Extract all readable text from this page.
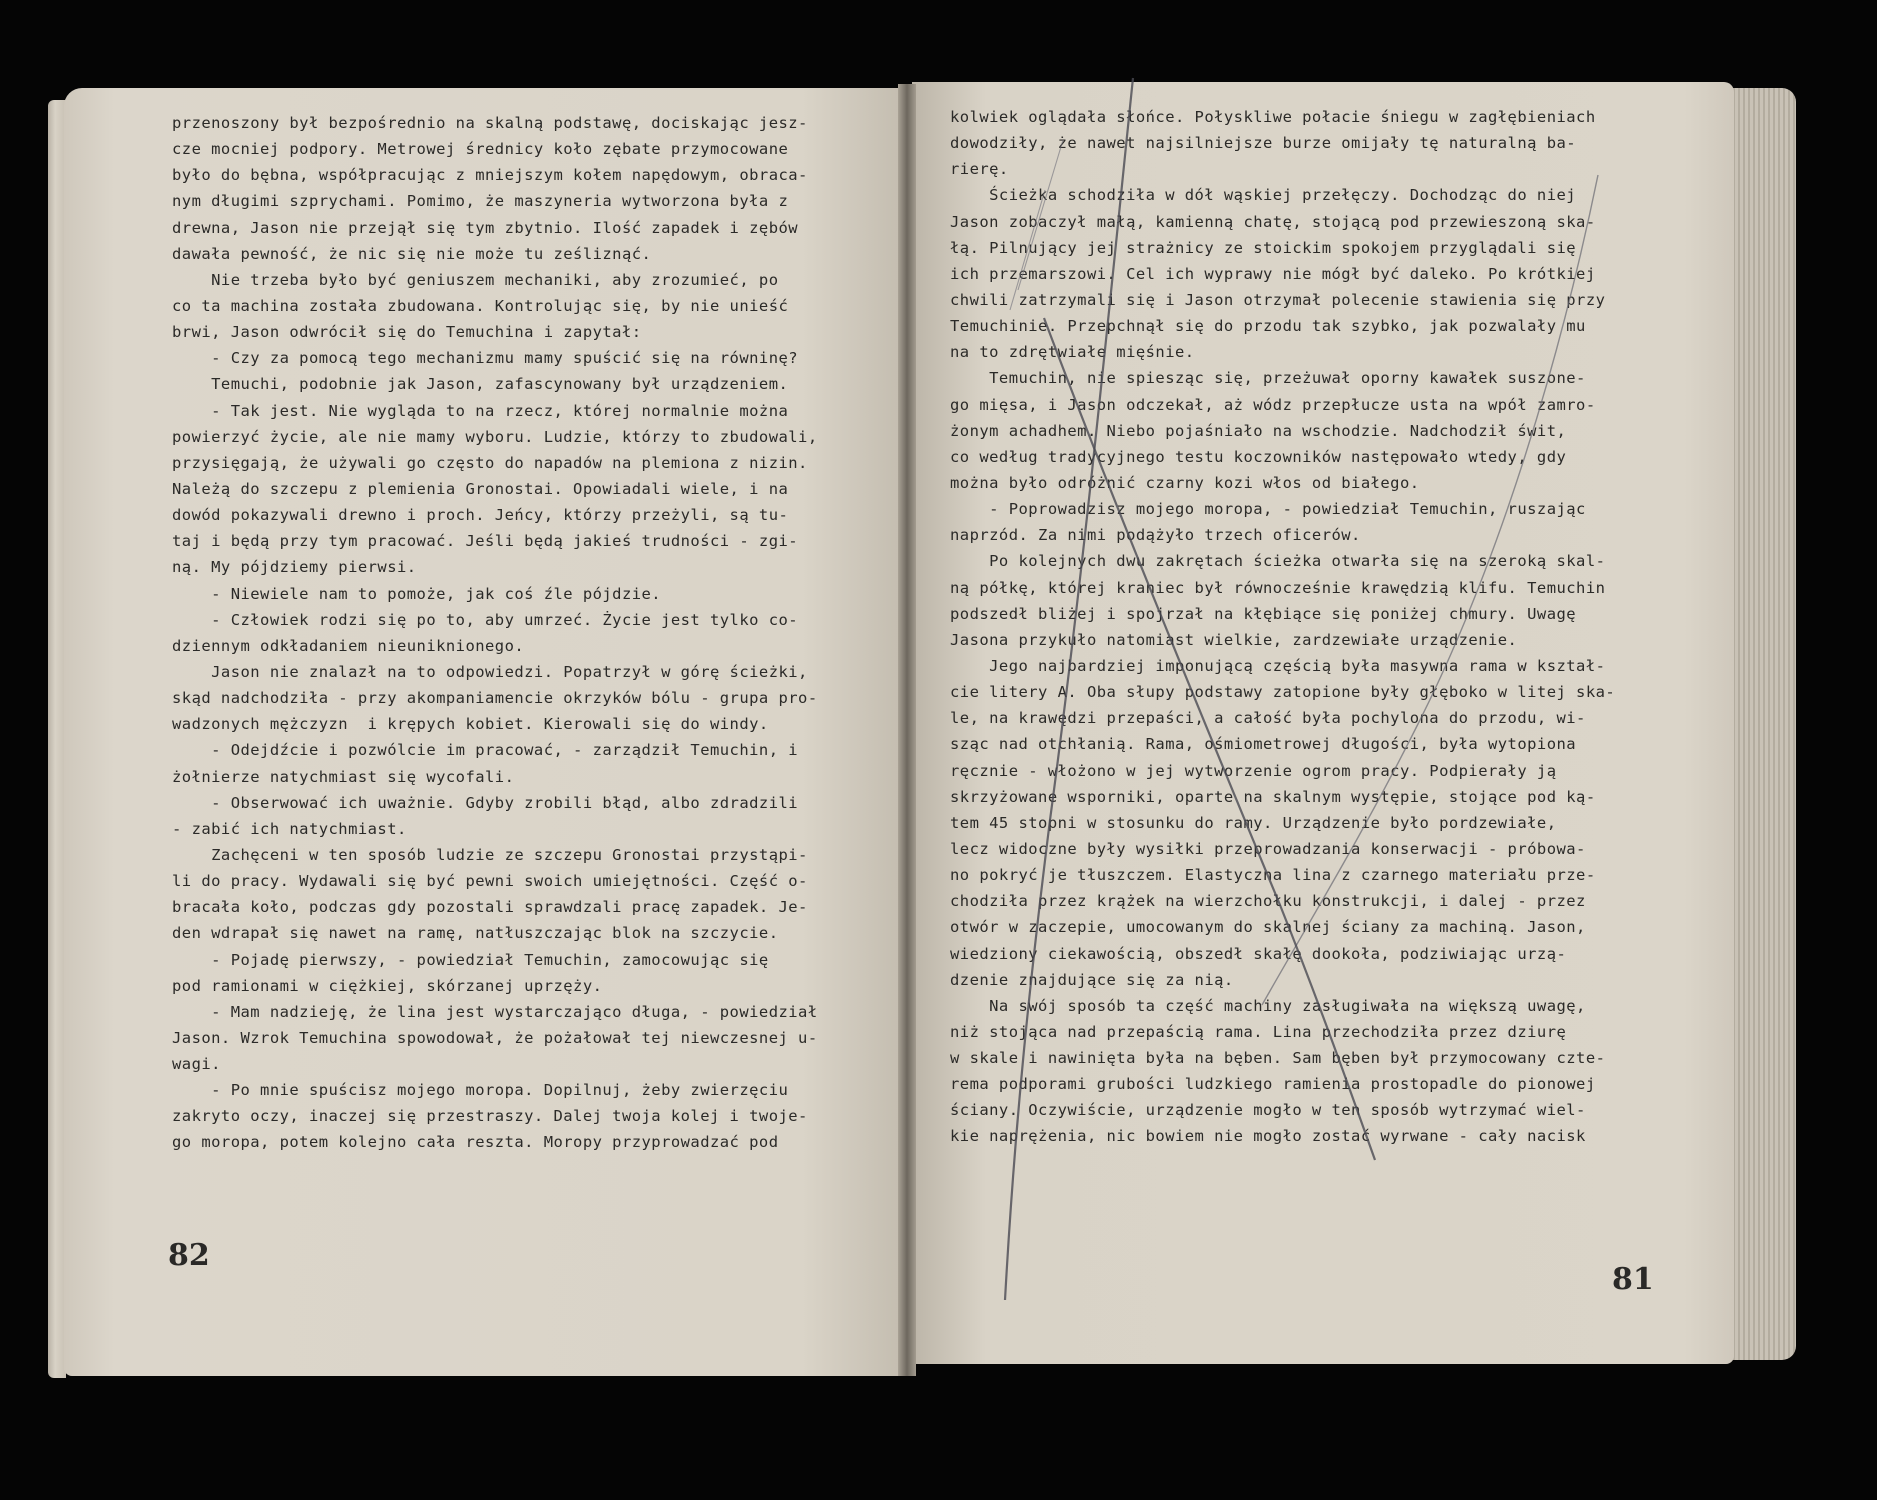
przenoszony był bezpośrednio na skalną podstawę, dociskając jesz-
cze mocniej podpory. Metrowej średnicy koło zębate przymocowane
było do bębna, współpracując z mniejszym kołem napędowym, obraca-
nym długimi szprychami. Pomimo, że maszyneria wytworzona była z
drewna, Jason nie przejął się tym zbytnio. Ilość zapadek i zębów
dawała pewność, że nic się nie może tu ześliznąć.
Nie trzeba było być geniuszem mechaniki, aby zrozumieć, po
co ta machina została zbudowana. Kontrolując się, by nie unieść
brwi, Jason odwrócił się do Temuchina i zapytał:
- Czy za pomocą tego mechanizmu mamy spuścić się na równinę?
Temuchi, podobnie jak Jason, zafascynowany był urządzeniem.
- Tak jest. Nie wygląda to na rzecz, której normalnie można
powierzyć życie, ale nie mamy wyboru. Ludzie, którzy to zbudowali,
przysięgają, że używali go często do napadów na plemiona z nizin.
Należą do szczepu z plemienia Gronostai. Opowiadali wiele, i na
dowód pokazywali drewno i proch. Jeńcy, którzy przeżyli, są tu-
taj i będą przy tym pracować. Jeśli będą jakieś trudności - zgi-
ną. My pójdziemy pierwsi.
- Niewiele nam to pomoże, jak coś źle pójdzie.
- Człowiek rodzi się po to, aby umrzeć. Życie jest tylko co-
dziennym odkładaniem nieuniknionego.
Jason nie znalazł na to odpowiedzi. Popatrzył w górę ścieżki,
skąd nadchodziła - przy akompaniamencie okrzyków bólu - grupa pro-
wadzonych mężczyzn  i krępych kobiet. Kierowali się do windy.
- Odejdźcie i pozwólcie im pracować, - zarządził Temuchin, i
żołnierze natychmiast się wycofali.
- Obserwować ich uważnie. Gdyby zrobili błąd, albo zdradzili
- zabić ich natychmiast.
Zachęceni w ten sposób ludzie ze szczepu Gronostai przystąpi-
li do pracy. Wydawali się być pewni swoich umiejętności. Część o-
bracała koło, podczas gdy pozostali sprawdzali pracę zapadek. Je-
den wdrapał się nawet na ramę, natłuszczając blok na szczycie.
- Pojadę pierwszy, - powiedział Temuchin, zamocowując się
pod ramionami w ciężkiej, skórzanej uprzęży.
- Mam nadzieję, że lina jest wystarczająco długa, - powiedział
Jason. Wzrok Temuchina spowodował, że pożałował tej niewczesnej u-
wagi.
- Po mnie spuścisz mojego moropa. Dopilnuj, żeby zwierzęciu
zakryto oczy, inaczej się przestraszy. Dalej twoja kolej i twoje-
go moropa, potem kolejno cała reszta. Moropy przyprowadzać pod
82
kolwiek oglądała słońce. Połyskliwe połacie śniegu w zagłębieniach
dowodziły, że nawet najsilniejsze burze omijały tę naturalną ba-
rierę.
Ścieżka schodziła w dół wąskiej przełęczy. Dochodząc do niej
Jason zobaczył małą, kamienną chatę, stojącą pod przewieszoną ska-
łą. Pilnujący jej strażnicy ze stoickim spokojem przyglądali się
ich przemarszowi. Cel ich wyprawy nie mógł być daleko. Po krótkiej
chwili zatrzymali się i Jason otrzymał polecenie stawienia się przy
Temuchinie. Przepchnął się do przodu tak szybko, jak pozwalały mu
na to zdrętwiałe mięśnie.
Temuchin, nie spiesząc się, przeżuwał oporny kawałek suszone-
go mięsa, i Jason odczekał, aż wódz przepłucze usta na wpół zamro-
żonym achadhem. Niebo pojaśniało na wschodzie. Nadchodził świt,
co według tradycyjnego testu koczowników następowało wtedy, gdy
można było odróżnić czarny kozi włos od białego.
- Poprowadzisz mojego moropa, - powiedział Temuchin, ruszając
naprzód. Za nimi podążyło trzech oficerów.
Po kolejnych dwu zakrętach ścieżka otwarła się na szeroką skal-
ną półkę, której kraniec był równocześnie krawędzią klifu. Temuchin
podszedł bliżej i spojrzał na kłębiące się poniżej chmury. Uwagę
Jasona przykuło natomiast wielkie, zardzewiałe urządzenie.
Jego najbardziej imponującą częścią była masywna rama w kształ-
cie litery A. Oba słupy podstawy zatopione były głęboko w litej ska-
le, na krawędzi przepaści, a całość była pochylona do przodu, wi-
sząc nad otchłanią. Rama, ośmiometrowej długości, była wytopiona
ręcznie - włożono w jej wytworzenie ogrom pracy. Podpierały ją
skrzyżowane wsporniki, oparte na skalnym występie, stojące pod ką-
tem 45 stopni w stosunku do ramy. Urządzenie było pordzewiałe,
lecz widoczne były wysiłki przeprowadzania konserwacji - próbowa-
no pokryć je tłuszczem. Elastyczna lina z czarnego materiału prze-
chodziła przez krążek na wierzchołku konstrukcji, i dalej - przez
otwór w zaczepie, umocowanym do skalnej ściany za machiną. Jason,
wiedziony ciekawością, obszedł skałę dookoła, podziwiając urzą-
dzenie znajdujące się za nią.
Na swój sposób ta część machiny zasługiwała na większą uwagę,
niż stojąca nad przepaścią rama. Lina przechodziła przez dziurę
w skale i nawinięta była na bęben. Sam bęben był przymocowany czte-
rema podporami grubości ludzkiego ramienia prostopadle do pionowej
ściany. Oczywiście, urządzenie mogło w ten sposób wytrzymać wiel-
kie naprężenia, nic bowiem nie mogło zostać wyrwane - cały nacisk
81
